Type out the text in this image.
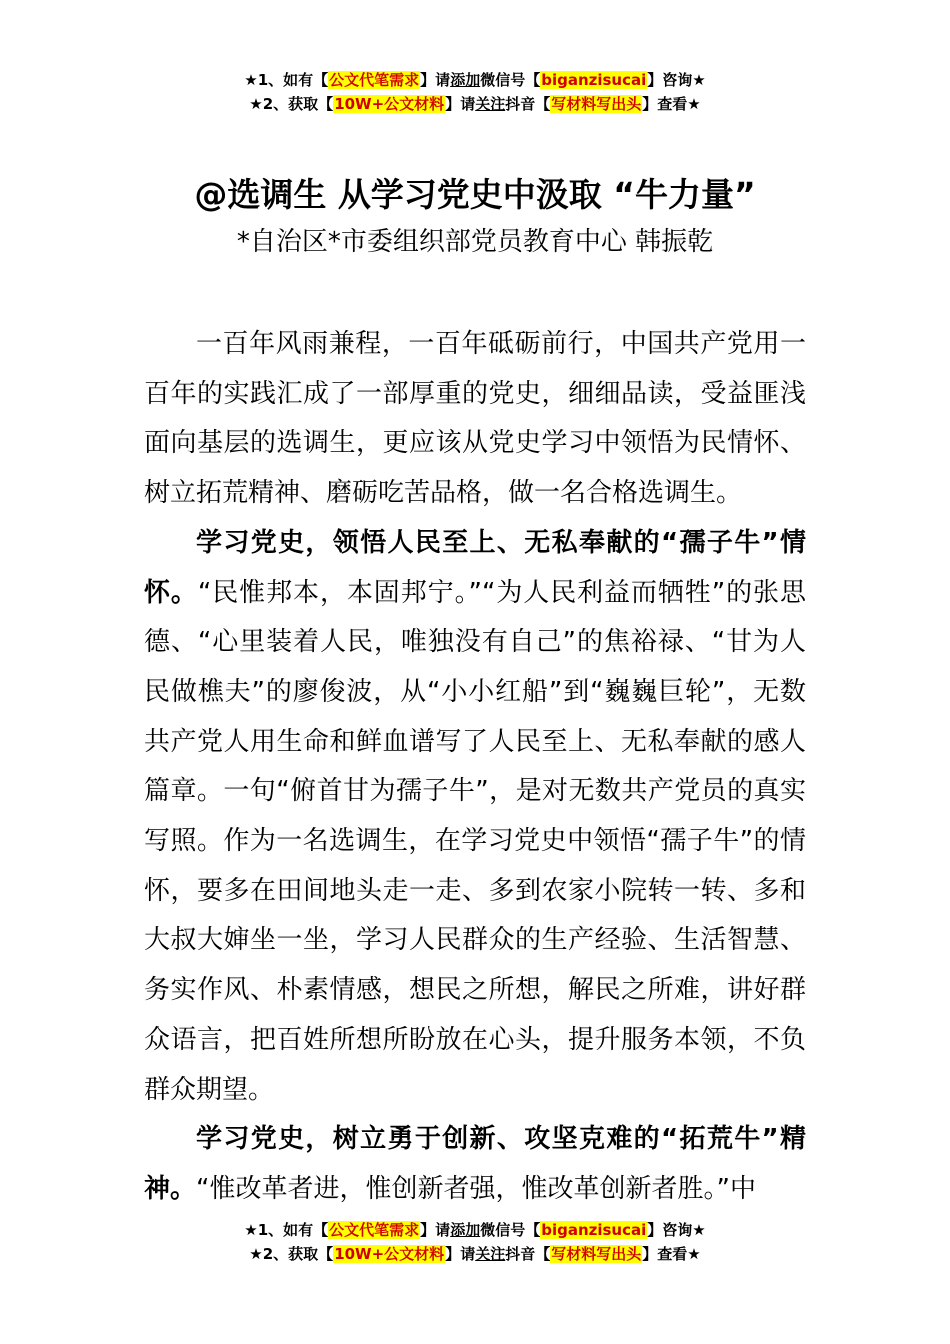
★1、如有【公文代笔需求】请添加微信号【biganzisucai】咨询★
★2、获取【10W+公文材料】请关注抖音【写材料写出头】查看★
@选调生 从学习党史中汲取 “牛力量”
*自治区*市委组织部党员教育中心 韩振乾

一百年风雨兼程，一百年砥砺前行，中国共产党用一百年的实践汇成了一部厚重的党史，细细品读，受益匪浅面向基层的选调生，更应该从党史学习中领悟为民情怀、树立拓荒精神、磨砺吃苦品格，做一名合格选调生。

学习党史，领悟人民至上、无私奉献的“孺子牛”情怀。“民惟邦本，本固邦宁。”“为人民利益而牺牲”的张思德、“心里装着人民，唯独没有自己”的焦裕禄、“甘为人民做樵夫”的廖俊波，从“小小红船”到“巍巍巨轮”，无数共产党人用生命和鲜血谱写了人民至上、无私奉献的感人篇章。一句“俯首甘为孺子牛”，是对无数共产党员的真实写照。作为一名选调生，在学习党史中领悟“孺子牛”的情怀，要多在田间地头走一走、多到农家小院转一转、多和大叔大婶坐一坐，学习人民群众的生产经验、生活智慧、务实作风、朴素情感，想民之所想，解民之所难，讲好群众语言，把百姓所想所盼放在心头，提升服务本领，不负群众期望。

学习党史，树立勇于创新、攻坚克难的“拓荒牛”精神。“惟改革者进，惟创新者强，惟改革创新者胜。”中

★1、如有【公文代笔需求】请添加微信号【biganzisucai】咨询★
★2、获取【10W+公文材料】请关注抖音【写材料写出头】查看★
